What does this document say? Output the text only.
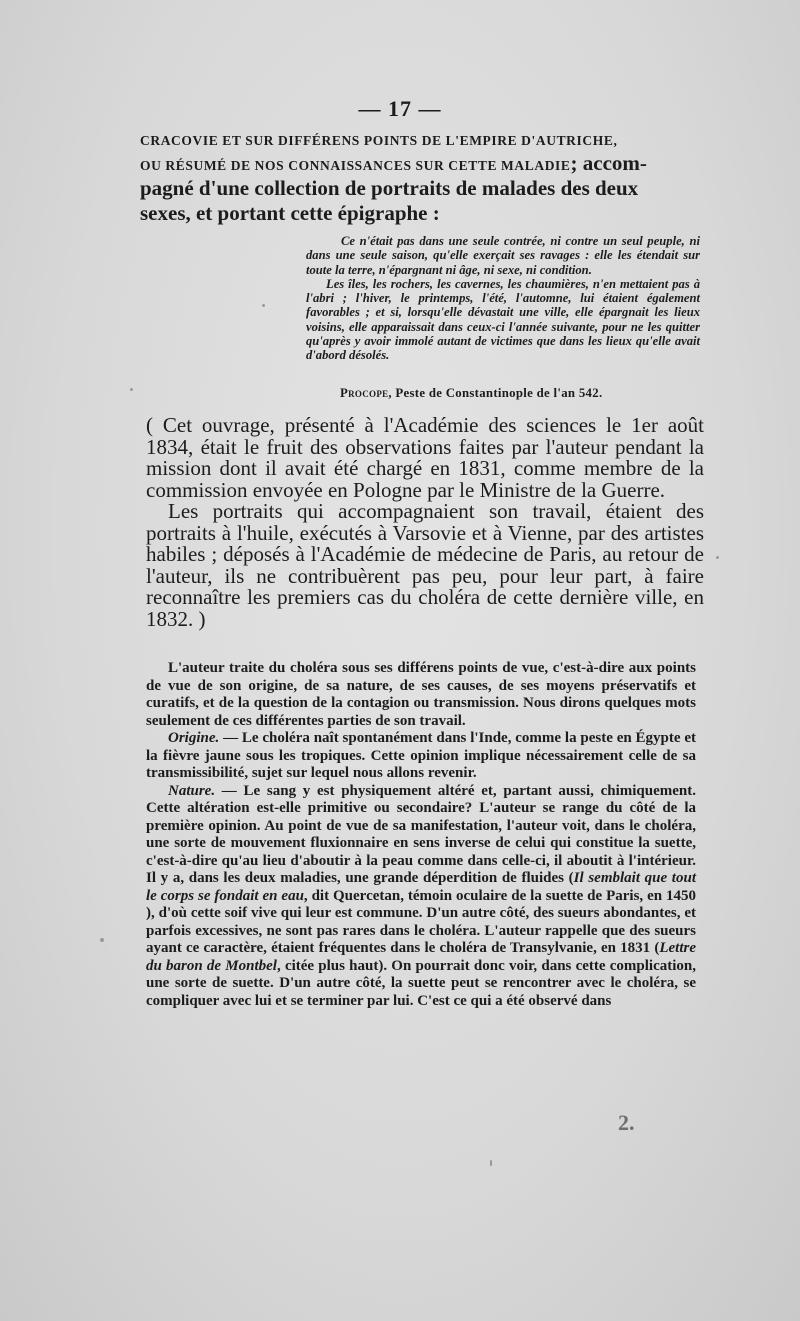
— 17 —
CRACOVIE ET SUR DIFFÉRENS POINTS DE L'EMPIRE D'AUTRICHE,
OU RÉSUMÉ DE NOS CONNAISSANCES SUR CETTE MALADIE; accom-
pagné d'une collection de portraits de malades des deux
sexes, et portant cette épigraphe :

Ce n'était pas dans une seule contrée, ni contre un seul peuple, ni dans une seule saison, qu'elle exerçait ses ravages : elle les étendait sur toute la terre, n'épargnant ni âge, ni sexe, ni condition.

Les îles, les rochers, les cavernes, les chaumières, n'en mettaient pas à l'abri ; l'hiver, le printemps, l'été, l'automne, lui étaient également favorables ; et si, lorsqu'elle dévastait une ville, elle épargnait les lieux voisins, elle apparaissait dans ceux-ci l'année suivante, pour ne les quitter qu'après y avoir immolé autant de victimes que dans les lieux qu'elle avait d'abord désolés.

Procope, Peste de Constantinople de l'an 542.

( Cet ouvrage, présenté à l'Académie des sciences le 1er août 1834, était le fruit des observations faites par l'auteur pendant la mission dont il avait été chargé en 1831, comme membre de la commission envoyée en Pologne par le Ministre de la Guerre.

Les portraits qui accompagnaient son travail, étaient des portraits à l'huile, exécutés à Varsovie et à Vienne, par des artistes habiles ; déposés à l'Académie de médecine de Paris, au retour de l'auteur, ils ne contribuèrent pas peu, pour leur part, à faire reconnaître les premiers cas du choléra de cette dernière ville, en 1832. )

L'auteur traite du choléra sous ses différens points de vue, c'est-à-dire aux points de vue de son origine, de sa nature, de ses causes, de ses moyens préservatifs et curatifs, et de la question de la contagion ou transmission. Nous dirons quelques mots seulement de ces différentes parties de son travail.

Origine. — Le choléra naît spontanément dans l'Inde, comme la peste en Égypte et la fièvre jaune sous les tropiques. Cette opinion implique nécessairement celle de sa transmissibilité, sujet sur lequel nous allons revenir.

Nature. — Le sang y est physiquement altéré et, partant aussi, chimiquement. Cette altération est-elle primitive ou secondaire? L'auteur se range du côté de la première opinion. Au point de vue de sa manifestation, l'auteur voit, dans le choléra, une sorte de mouvement fluxionnaire en sens inverse de celui qui constitue la suette, c'est-à-dire qu'au lieu d'aboutir à la peau comme dans celle-ci, il aboutit à l'intérieur. Il y a, dans les deux maladies, une grande déperdition de fluides (Il semblait que tout le corps se fondait en eau, dit Quercetan, témoin oculaire de la suette de Paris, en 1450 ), d'où cette soif vive qui leur est commune. D'un autre côté, des sueurs abondantes, et parfois excessives, ne sont pas rares dans le choléra. L'auteur rappelle que des sueurs ayant ce caractère, étaient fréquentes dans le choléra de Transylvanie, en 1831 (Lettre du baron de Montbel, citée plus haut). On pourrait donc voir, dans cette complication, une sorte de suette. D'un autre côté, la suette peut se rencontrer avec le choléra, se compliquer avec lui et se terminer par lui. C'est ce qui a été observé dans

2.
